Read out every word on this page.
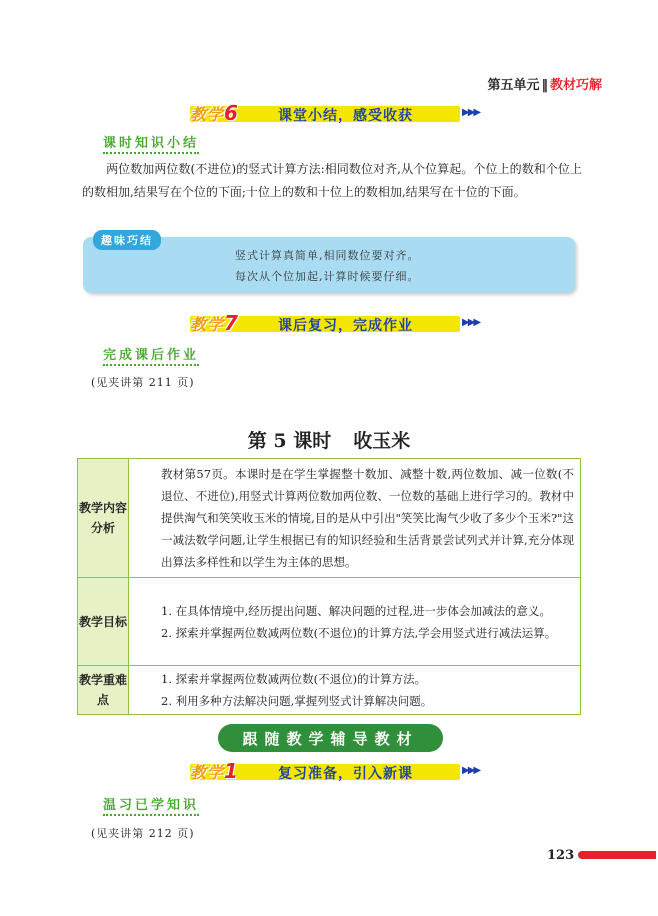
第五单元 ‖ 教材巧解
教学6	课堂小结，感受收获	▶▶▶
课时知识小结
两位数加两位数(不进位)的竖式计算方法:相同数位对齐,从个位算起。个位上的数和个位上的数相加,结果写在个位的下面;十位上的数和十位上的数相加,结果写在十位的下面。
趣味巧结
竖式计算真简单,相同数位要对齐。
每次从个位加起,计算时候要仔细。
教学7	课后复习，完成作业	▶▶▶
完成课后作业
(见夹讲第 211 页)
第 5 课时 收玉米
教学内容分析	教材第57页。本课时是在学生掌握整十数加、减整十数,两位数加、减一位数(不退位、不进位),用竖式计算两位数加两位数、一位数的基础上进行学习的。教材中提供淘气和笑笑收玉米的情境,目的是从中引出"笑笑比淘气少收了多少个玉米?"这一减法数学问题,让学生根据已有的知识经验和生活背景尝试列式并计算,充分体现出算法多样性和以学生为主体的思想。

教学目标	1. 在具体情境中,经历提出问题、解决问题的过程,进一步体会加减法的意义。

2. 探索并掌握两位数减两位数(不退位)的计算方法,学会用竖式进行减法运算。

教学重难点	1. 探索并掌握两位数减两位数(不退位)的计算方法。

2. 利用多种方法解决问题,掌握列竖式计算解决问题。

跟随教学辅导教材
教学1	复习准备，引入新课	▶▶▶
温习已学知识
(见夹讲第 212 页)
123
